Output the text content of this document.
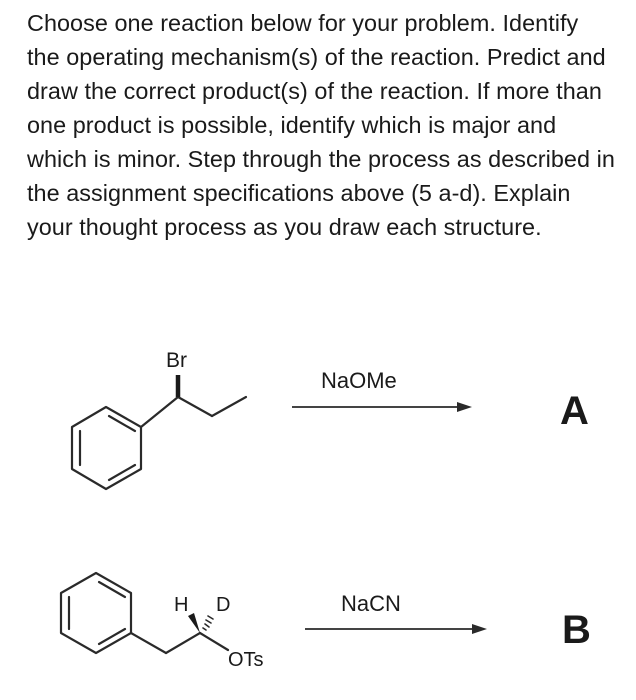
Choose one reaction below for your problem. Identify the operating mechanism(s) of the reaction. Predict and draw the correct product(s) of the reaction. If more than one product is possible, identify which is major and which is minor. Step through the process as described in the assignment specifications above (5 a-d). Explain your thought process as you draw each structure.

Br
NaOMe
A
H D
OTs
NaCN
B
